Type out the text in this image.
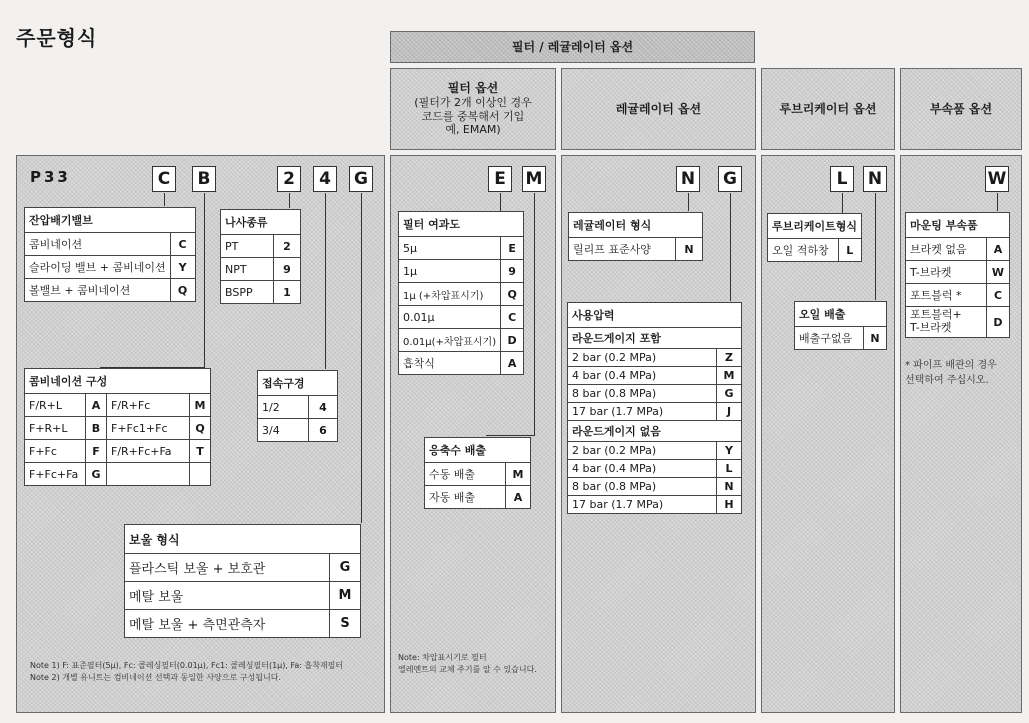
주문형식	필터 / 레귤레이터 옵션
필터 옵션
(필터가 2개 이상인 경우
코드를 중복해서 기입
예, EMAM)
레귤레이터 옵션	루브리케이터 옵션	부속품 옵션
P33	C	B	2	4	G	E	M	N G	L	N	W
잔압배기밸브	
콤비네이션	C
슬라이딩 밸브 + 콤비네이션	Y
볼밸브 + 콤비네이션	Q
나사종류	
PT	2
NPT	9
BSPP	1
콤비네이션 구성			
F/R+L	A	F/R+Fc	M
F+R+L	B	F+Fc1+Fc	Q
F+Fc	F	F/R+Fc+Fa	T
F+Fc+Fa	G		
접속구경	
1/2	4
3/4	6
보울 형식	
플라스틱 보울 + 보호관	G
메탈 보울	M
메탈 보울 + 측면관측자	S
필터 여과도	
5μ	E
1μ	9
1μ (+차압표시기)	Q
0.01μ	C
0.01μ(+차압표시기)	D
흡착식	A
응축수 배출	
수동 배출	M
자동 배출	A
레귤레이터 형식
릴리프 표준사양	N
사용압력	
라운드게이지 포함	
2 bar (0.2 MPa)	Z
4 bar (0.4 MPa)	M
8 bar (0.8 MPa)	G
17 bar (1.7 MPa)	J
라운드게이지 없음	
2 bar (0.2 MPa)	Y
4 bar (0.4 MPa)	L
8 bar (0.8 MPa)	N
17 bar (1.7 MPa)	H
루브리케이트형식
오일 적하창	L
오일 배출
배출구없음	N
마운팅 부속품	
브라켓 없음	A
T-브라켓	W
포트블럭 *	C
포트블럭+
T-브라켓	D
* 파이프 배관의 경우
선택하여 주십시오.
Note 1) F: 표준필터(5μ), Fc: 콜레싱필터(0.01μ), Fc1: 콜레싱필터(1μ), Fa: 흡착재필터
Note 2) 개별 유니트는 컴비네이션 선택과 동일한 사양으로 구성됩니다.
Note: 차압표시기로 필터
엘레멘트의 교체 주기를 알 수 있습니다.
